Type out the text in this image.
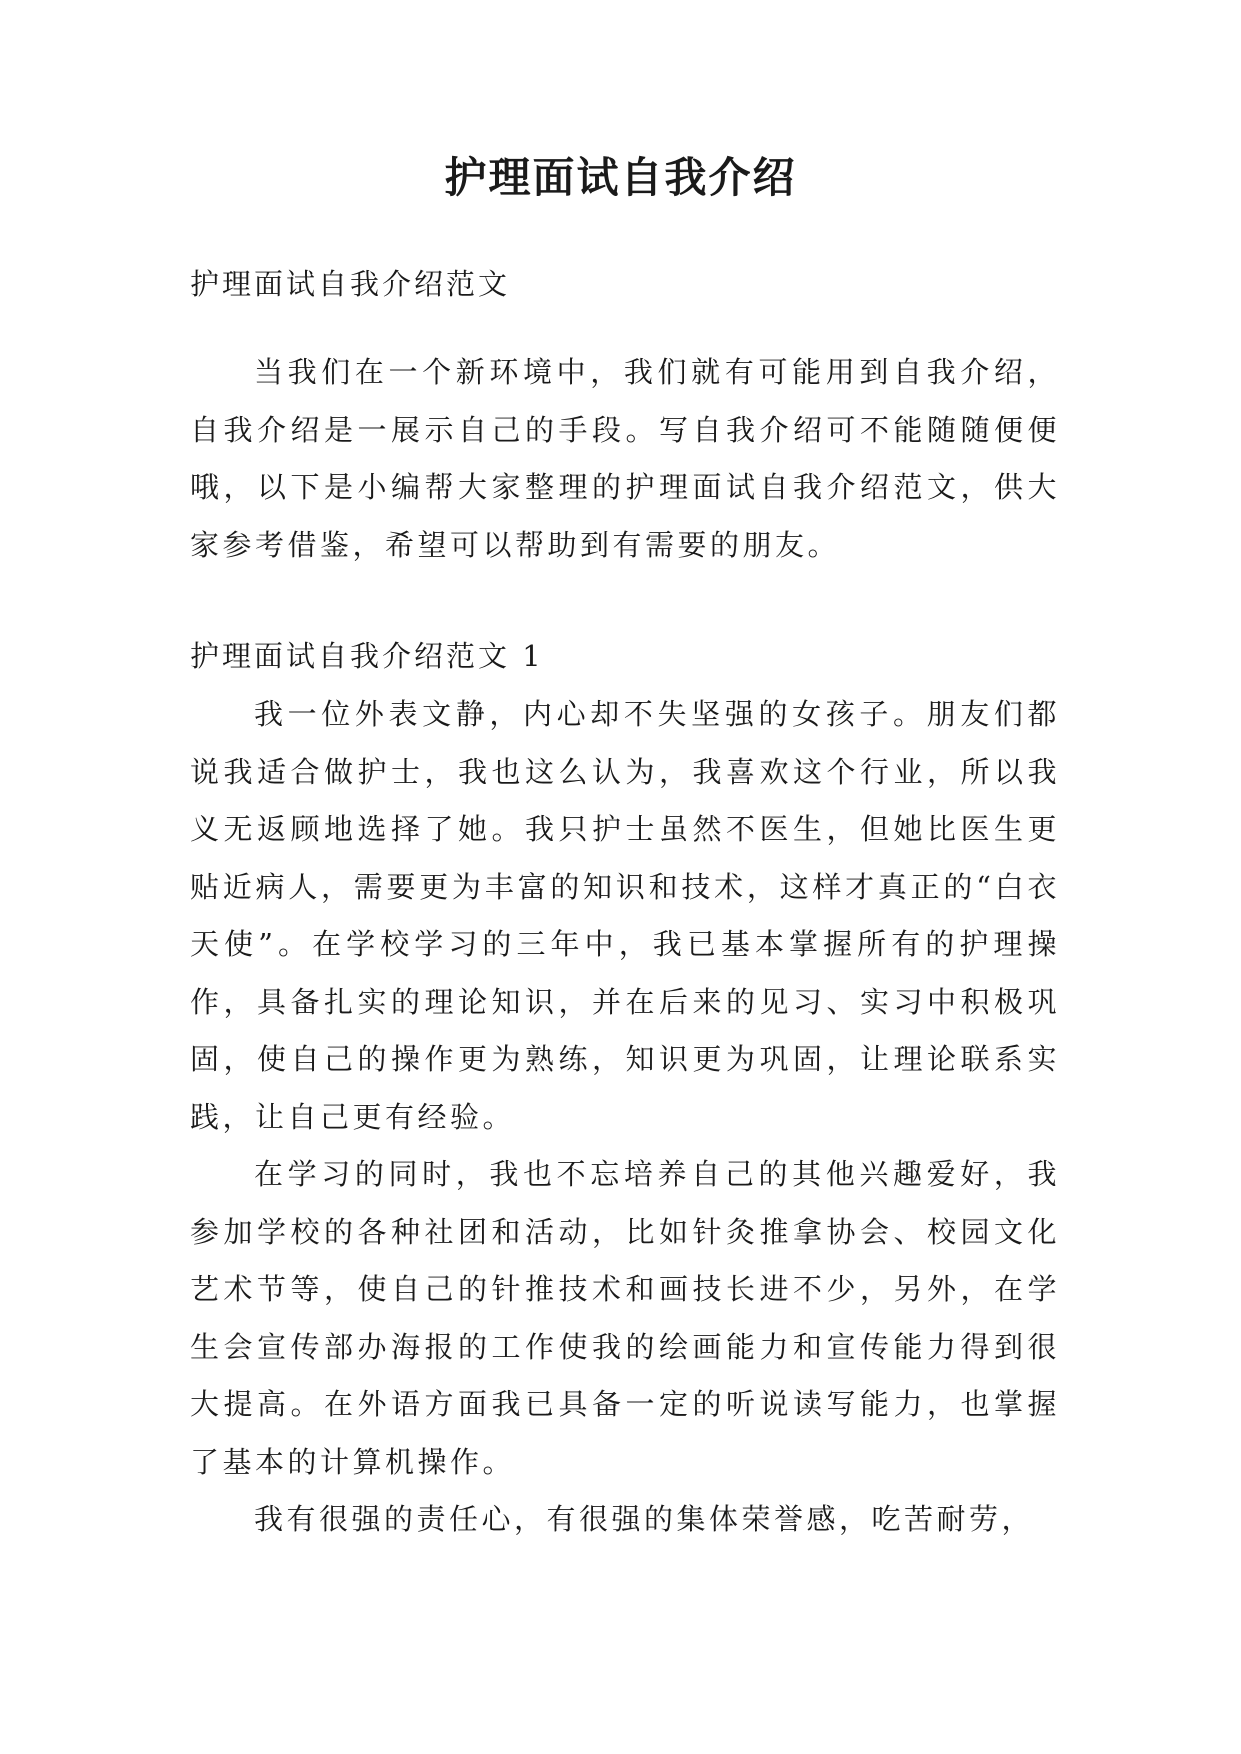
护理面试自我介绍

护理面试自我介绍范文

当我们在一个新环境中，我们就有可能用到自我介绍，自我介绍是一展示自己的手段。写自我介绍可不能随随便便哦，以下是小编帮大家整理的护理面试自我介绍范文，供大家参考借鉴，希望可以帮助到有需要的朋友。

护理面试自我介绍范文 1

我一位外表文静，内心却不失坚强的女孩子。朋友们都说我适合做护士，我也这么认为，我喜欢这个行业，所以我义无返顾地选择了她。我只护士虽然不医生，但她比医生更贴近病人，需要更为丰富的知识和技术，这样才真正的“白衣天使”。在学校学习的三年中，我已基本掌握所有的护理操作，具备扎实的理论知识，并在后来的见习、实习中积极巩固，使自己的操作更为熟练，知识更为巩固，让理论联系实践，让自己更有经验。

在学习的同时，我也不忘培养自己的其他兴趣爱好，我参加学校的各种社团和活动，比如针灸推拿协会、校园文化艺术节等，使自己的针推技术和画技长进不少，另外，在学生会宣传部办海报的工作使我的绘画能力和宣传能力得到很大提高。在外语方面我已具备一定的听说读写能力，也掌握了基本的计算机操作。

我有很强的责任心，有很强的集体荣誉感，吃苦耐劳，
